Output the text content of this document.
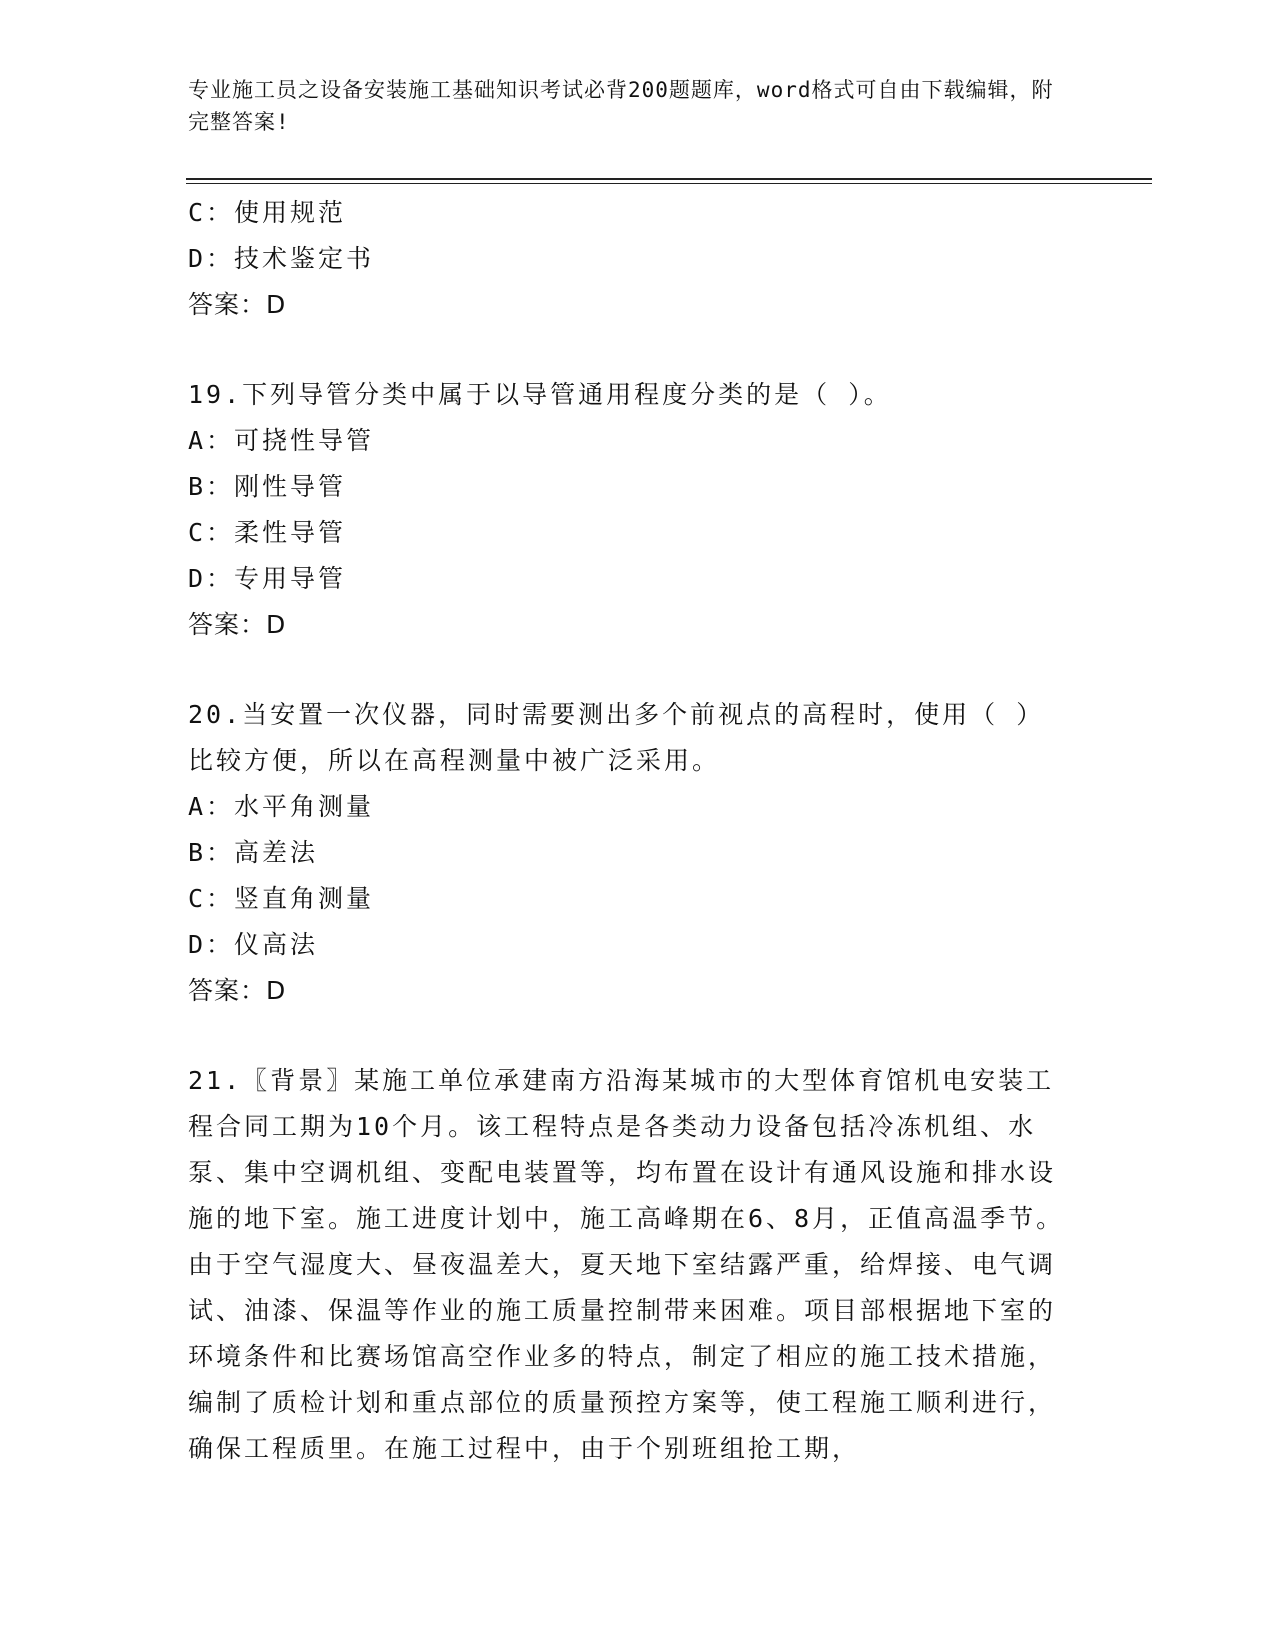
专业施工员之设备安装施工基础知识考试必背200题题库，word格式可自由下载编辑，附完整答案!
C：使用规范
D：技术鉴定书
答案：D
19.下列导管分类中属于以导管通用程度分类的是（ ）。
A：可挠性导管
B：刚性导管
C：柔性导管
D：专用导管
答案：D
20.当安置一次仪器，同时需要测出多个前视点的高程时，使用（ ）比较方便，所以在高程测量中被广泛采用。
A：水平角测量
B：高差法
C：竖直角测量
D：仪高法
答案：D
21.〖背景〗某施工单位承建南方沿海某城市的大型体育馆机电安装工程合同工期为10个月。该工程特点是各类动力设备包括冷冻机组、水泵、集中空调机组、变配电装置等，均布置在设计有通风设施和排水设施的地下室。施工进度计划中，施工高峰期在6、8月，正值高温季节。由于空气湿度大、昼夜温差大，夏天地下室结露严重，给焊接、电气调试、油漆、保温等作业的施工质量控制带来困难。项目部根据地下室的环境条件和比赛场馆高空作业多的特点，制定了相应的施工技术措施，编制了质检计划和重点部位的质量预控方案等，使工程施工顺利进行，确保工程质里。在施工过程中，由于个别班组抢工期，
